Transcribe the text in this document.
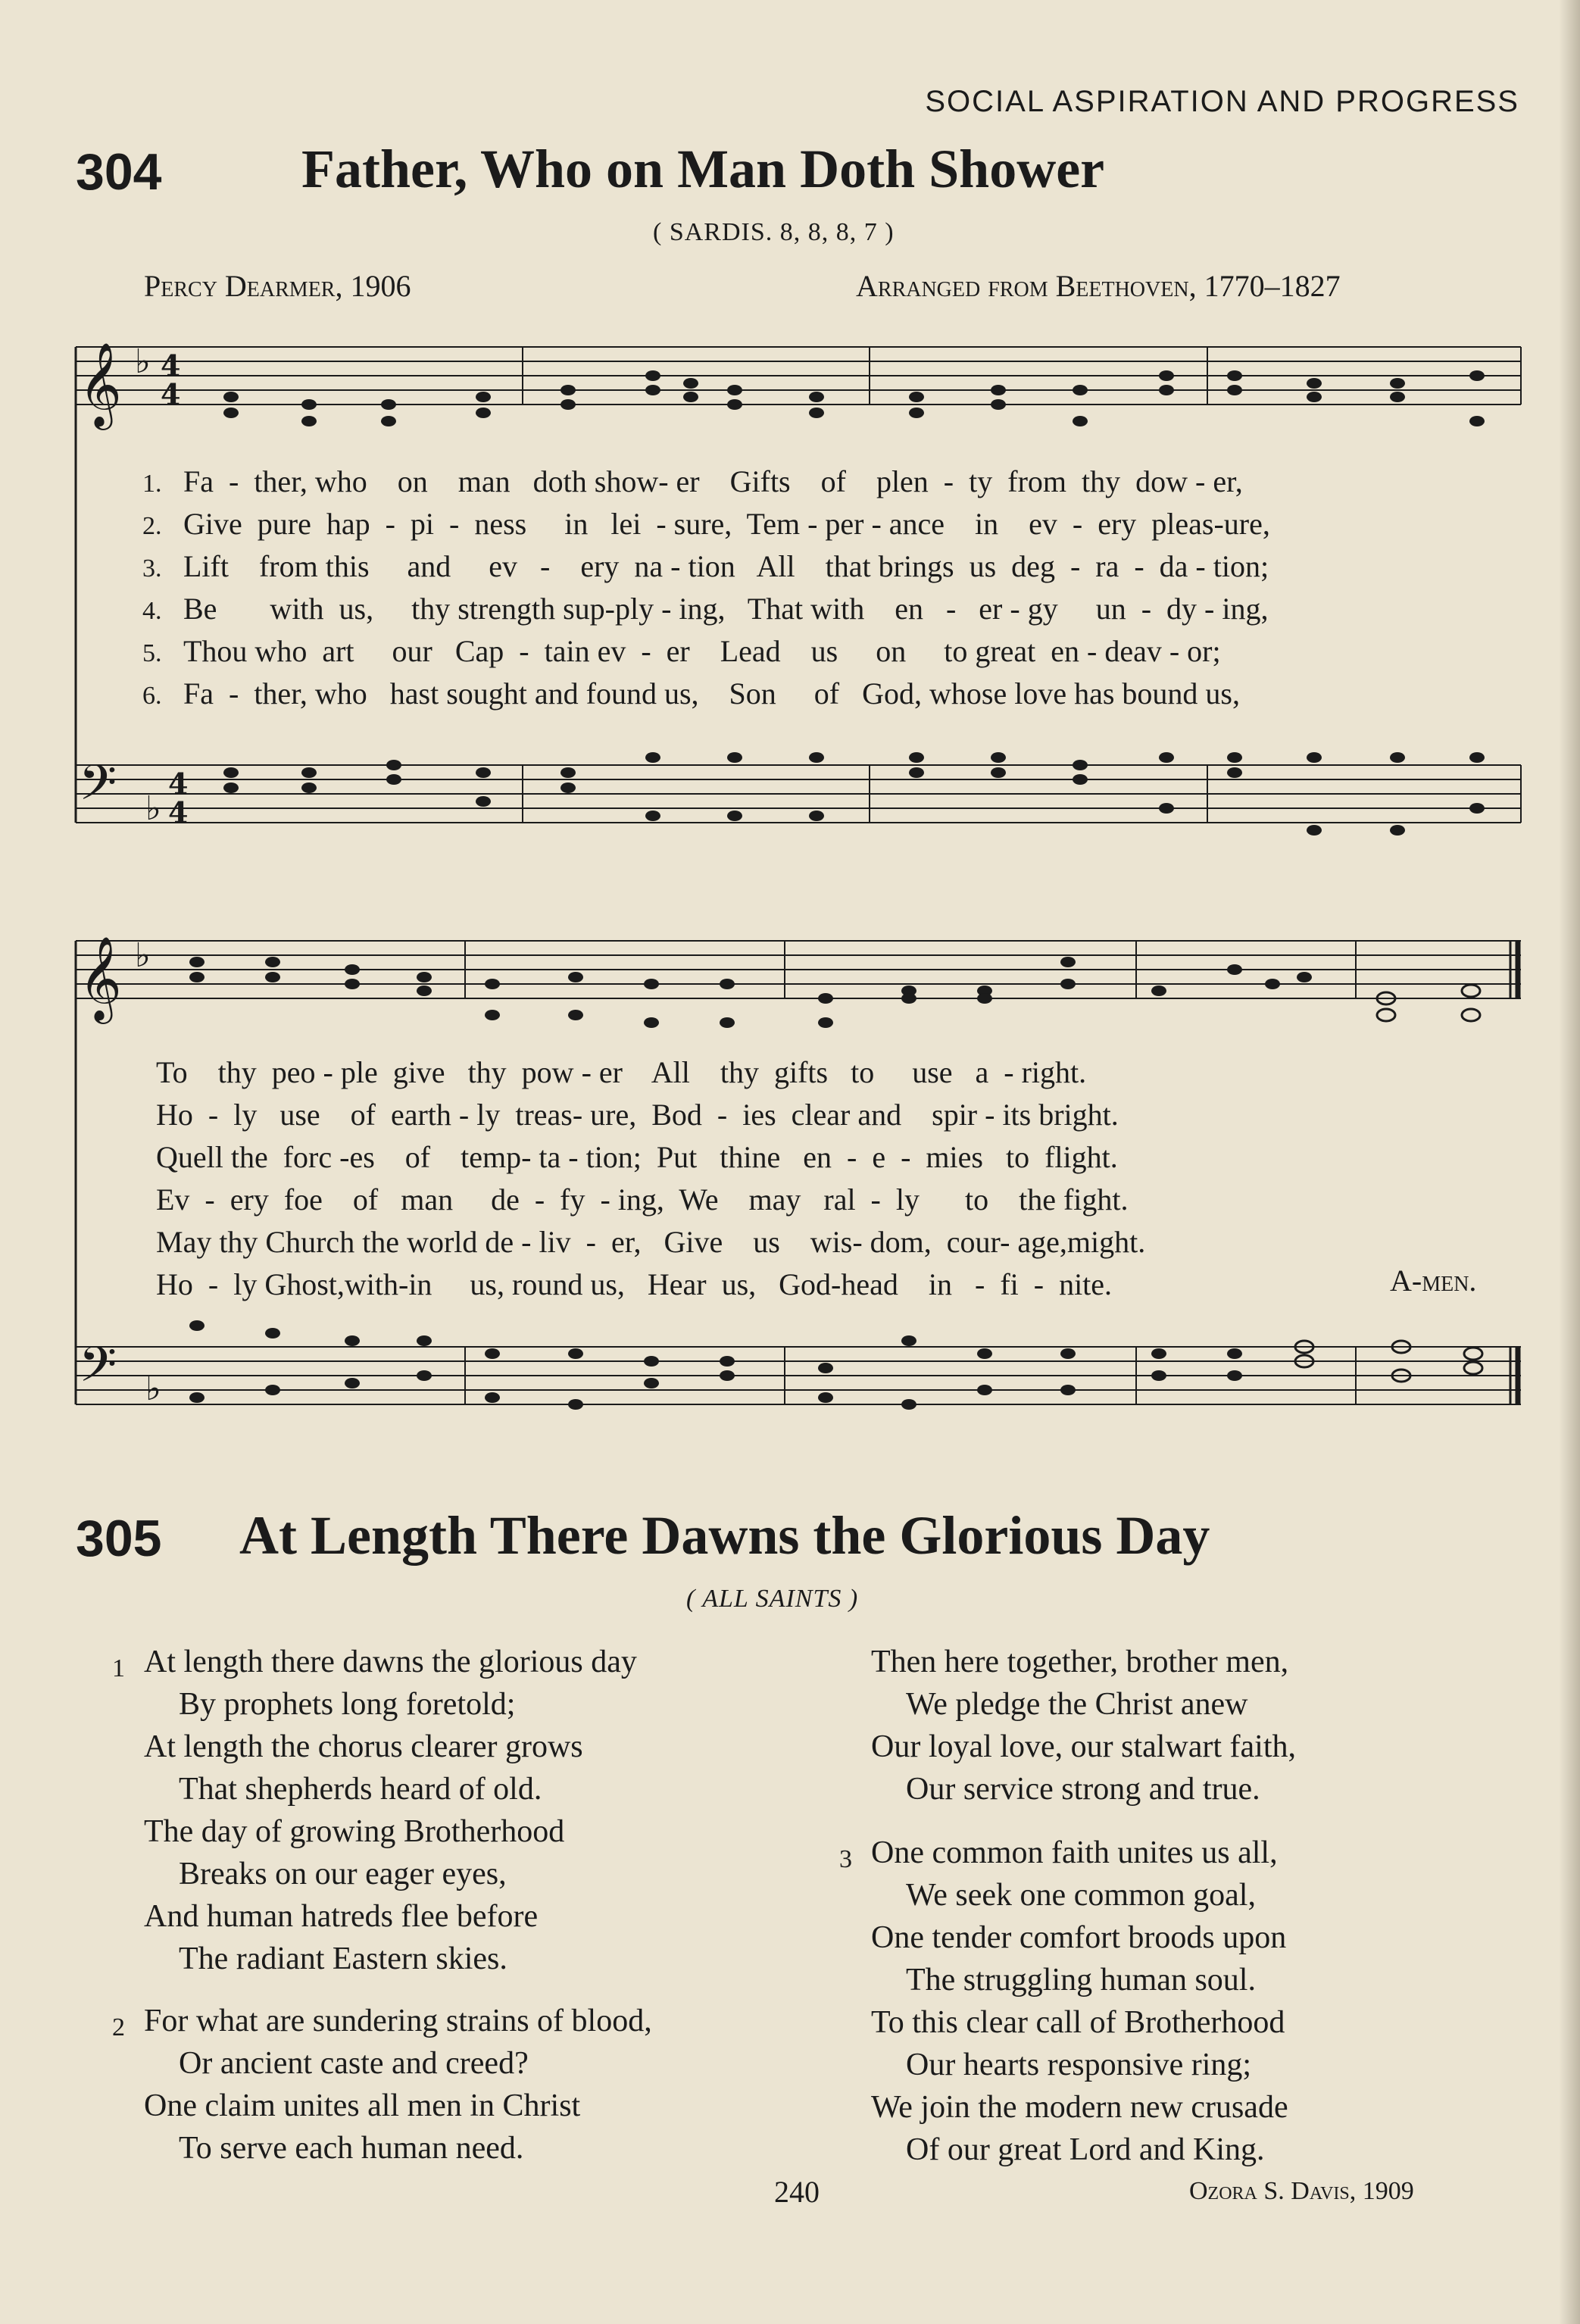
SOCIAL ASPIRATION AND PROGRESS
304	Father, Who on Man Doth Shower
( SARDIS. 8, 8, 8, 7 )
Percy Dearmer, 1906	Arranged from Beethoven, 1770–1827
𝄞
𝄢
𝄞
𝄢
♭
♭
♭
♭
4
4
4
4
1. Fa  -  ther, who    on    man   doth show- er    Gifts    of    plen  -  ty  from  thy  dow - er,
2. Give  pure  hap  -  pi  -  ness     in   lei  - sure,  Tem - per - ance    in    ev  -  ery  pleas-ure,
3. Lift    from this     and     ev   -    ery  na - tion   All    that brings  us  deg  -  ra  -  da - tion;
4. Be       with  us,     thy strength sup-ply - ing,   That with    en   -   er - gy     un  -  dy - ing,
5. Thou who  art     our   Cap  -  tain ev  -  er    Lead    us     on     to great  en - deav - or;
6. Fa  -  ther, who   hast sought and found us,    Son     of   God, whose love has bound us,
To    thy  peo - ple  give   thy  pow - er    All    thy  gifts   to     use   a  - right.
Ho  -  ly   use    of  earth - ly  treas- ure,  Bod  -  ies  clear and    spir - its bright.
Quell the  forc -es    of    temp- ta - tion;  Put   thine   en  -  e  -  mies   to  flight.
Ev  -  ery  foe    of   man     de  -  fy  - ing,  We    may   ral  -  ly      to    the fight.
May thy Church the world de - liv  -  er,   Give    us    wis- dom,  cour- age,might.
Ho  -  ly Ghost,with-in     us, round us,   Hear  us,   God-head    in   -  fi  -  nite.	A-men.
305 At Length There Dawns the Glorious Day
( ALL SAINTS )
1 At length there dawns the glorious day
By prophets long foretold;
At length the chorus clearer grows
That shepherds heard of old.
The day of growing Brotherhood
Breaks on our eager eyes,
And human hatreds flee before
The radiant Eastern skies.
2 For what are sundering strains of blood,
Or ancient caste and creed?
One claim unites all men in Christ
To serve each human need.
Then here together, brother men,
We pledge the Christ anew
Our loyal love, our stalwart faith,
Our service strong and true.
3 One common faith unites us all,
We seek one common goal,
One tender comfort broods upon
The struggling human soul.
To this clear call of Brotherhood
Our hearts responsive ring;
We join the modern new crusade
Of our great Lord and King.
240	Ozora S. Davis, 1909
